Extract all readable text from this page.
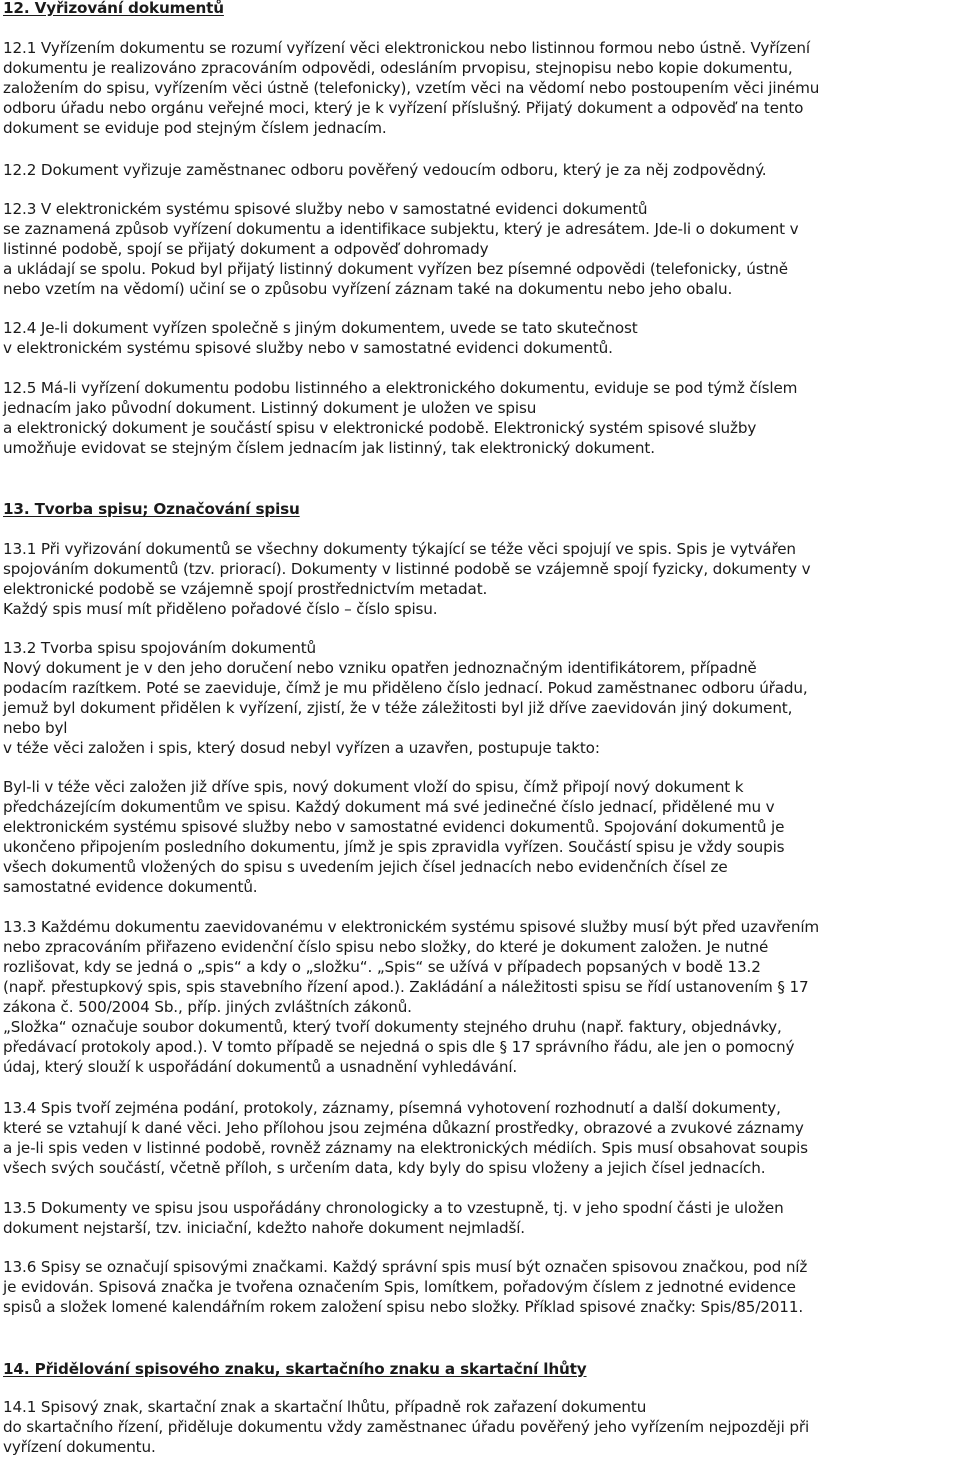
12. Vyřizování dokumentů

12.1 Vyřízením dokumentu se rozumí vyřízení věci elektronickou nebo listinnou formou nebo ústně. Vyřízení

dokumentu je realizováno zpracováním odpovědi, odesláním prvopisu, stejnopisu nebo kopie dokumentu,

založením do spisu, vyřízením věci ústně (telefonicky), vzetím věci na vědomí nebo postoupením věci jinému

odboru úřadu nebo orgánu veřejné moci, který je k vyřízení příslušný. Přijatý dokument a odpověď na tento

dokument se eviduje pod stejným číslem jednacím.

12.2 Dokument vyřizuje zaměstnanec odboru pověřený vedoucím odboru, který je za něj zodpovědný.

12.3 V elektronickém systému spisové služby nebo v samostatné evidenci dokumentů

se zaznamená způsob vyřízení dokumentu a identifikace subjektu, který je adresátem. Jde-li o dokument v

listinné podobě, spojí se přijatý dokument a odpověď dohromady

a ukládají se spolu. Pokud byl přijatý listinný dokument vyřízen bez písemné odpovědi (telefonicky, ústně

nebo vzetím na vědomí) učiní se o způsobu vyřízení záznam také na dokumentu nebo jeho obalu.

12.4 Je-li dokument vyřízen společně s jiným dokumentem, uvede se tato skutečnost

v elektronickém systému spisové služby nebo v samostatné evidenci dokumentů.

12.5 Má-li vyřízení dokumentu podobu listinného a elektronického dokumentu, eviduje se pod týmž číslem

jednacím jako původní dokument. Listinný dokument je uložen ve spisu

a elektronický dokument je součástí spisu v elektronické podobě. Elektronický systém spisové služby

umožňuje evidovat se stejným číslem jednacím jak listinný, tak elektronický dokument.

13. Tvorba spisu; Označování spisu

13.1 Při vyřizování dokumentů se všechny dokumenty týkající se téže věci spojují ve spis. Spis je vytvářen

spojováním dokumentů (tzv. priorací). Dokumenty v listinné podobě se vzájemně spojí fyzicky, dokumenty v

elektronické podobě se vzájemně spojí prostřednictvím metadat.

Každý spis musí mít přiděleno pořadové číslo – číslo spisu.

13.2 Tvorba spisu spojováním dokumentů

Nový dokument je v den jeho doručení nebo vzniku opatřen jednoznačným identifikátorem, případně

podacím razítkem. Poté se zaeviduje, čímž je mu přiděleno číslo jednací. Pokud zaměstnanec odboru úřadu,

jemuž byl dokument přidělen k vyřízení, zjistí, že v téže záležitosti byl již dříve zaevidován jiný dokument,

nebo byl

v téže věci založen i spis, který dosud nebyl vyřízen a uzavřen, postupuje takto:

Byl-li v téže věci založen již dříve spis, nový dokument vloží do spisu, čímž připojí nový dokument k

předcházejícím dokumentům ve spisu. Každý dokument má své jedinečné číslo jednací, přidělené mu v

elektronickém systému spisové služby nebo v samostatné evidenci dokumentů. Spojování dokumentů je

ukončeno připojením posledního dokumentu, jímž je spis zpravidla vyřízen. Součástí spisu je vždy soupis

všech dokumentů vložených do spisu s uvedením jejich čísel jednacích nebo evidenčních čísel ze

samostatné evidence dokumentů.

13.3 Každému dokumentu zaevidovanému v elektronickém systému spisové služby musí být před uzavřením

nebo zpracováním přiřazeno evidenční číslo spisu nebo složky, do které je dokument založen. Je nutné

rozlišovat, kdy se jedná o „spis“ a kdy o „složku“. „Spis“ se užívá v případech popsaných v bodě 13.2

(např. přestupkový spis, spis stavebního řízení apod.). Zakládání a náležitosti spisu se řídí ustanovením § 17

zákona č. 500/2004 Sb., příp. jiných zvláštních zákonů.

„Složka“ označuje soubor dokumentů, který tvoří dokumenty stejného druhu (např. faktury, objednávky,

předávací protokoly apod.). V tomto případě se nejedná o spis dle § 17 správního řádu, ale jen o pomocný

údaj, který slouží k uspořádání dokumentů a usnadnění vyhledávání.

13.4 Spis tvoří zejména podání, protokoly, záznamy, písemná vyhotovení rozhodnutí a další dokumenty,

které se vztahují k dané věci. Jeho přílohou jsou zejména důkazní prostředky, obrazové a zvukové záznamy

a je-li spis veden v listinné podobě, rovněž záznamy na elektronických médiích. Spis musí obsahovat soupis

všech svých součástí, včetně příloh, s určením data, kdy byly do spisu vloženy a jejich čísel jednacích.

13.5 Dokumenty ve spisu jsou uspořádány chronologicky a to vzestupně, tj. v jeho spodní části je uložen

dokument nejstarší, tzv. iniciační, kdežto nahoře dokument nejmladší.

13.6 Spisy se označují spisovými značkami. Každý správní spis musí být označen spisovou značkou, pod níž

je evidován. Spisová značka je tvořena označením Spis, lomítkem, pořadovým číslem z jednotné evidence

spisů a složek lomené kalendářním rokem založení spisu nebo složky. Příklad spisové značky: Spis/85/2011.

14. Přidělování spisového znaku, skartačního znaku a skartační lhůty

14.1 Spisový znak, skartační znak a skartační lhůtu, případně rok zařazení dokumentu

do skartačního řízení, přiděluje dokumentu vždy zaměstnanec úřadu pověřený jeho vyřízením nejpozději při

vyřízení dokumentu.
